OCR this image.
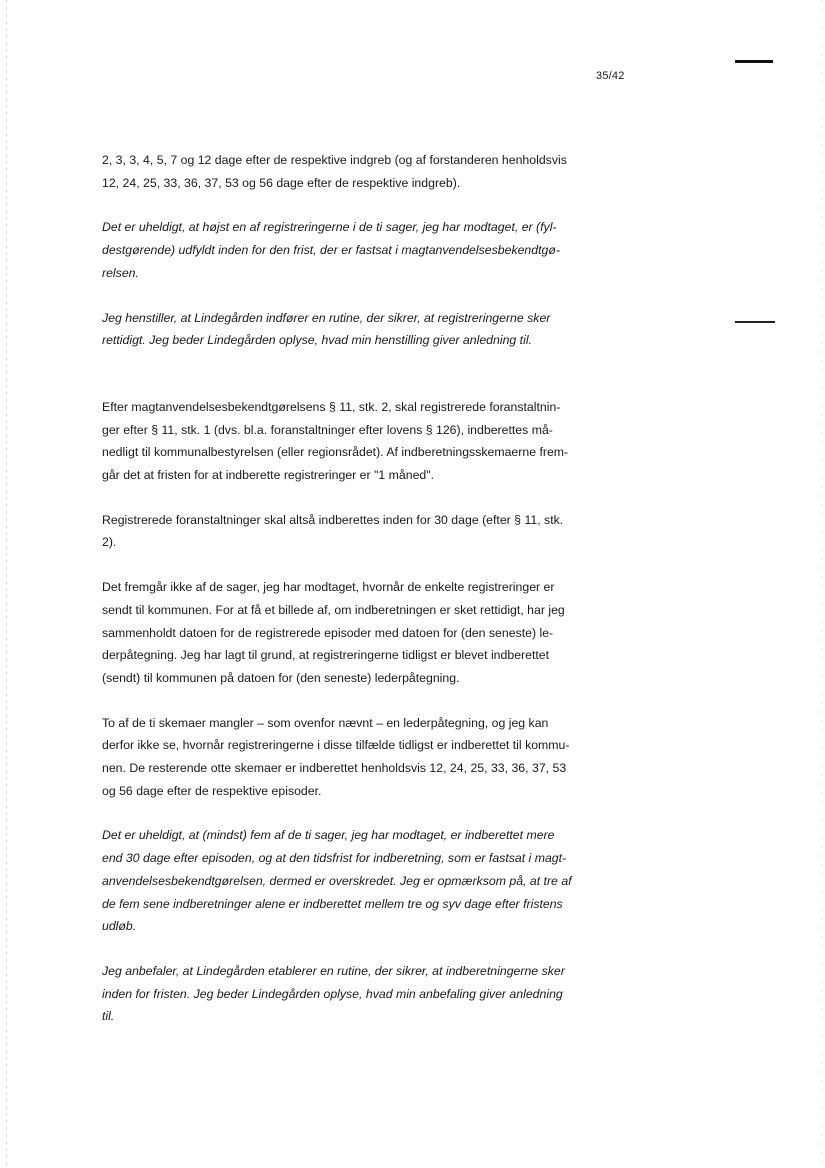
35/42

2, 3, 3, 4, 5, 7 og 12 dage efter de respektive indgreb (og af forstanderen henholdsvis
12, 24, 25, 33, 36, 37, 53 og 56 dage efter de respektive indgreb).

Det er uheldigt, at højst en af registreringerne i de ti sager, jeg har modtaget, er (fyl-
destgørende) udfyldt inden for den frist, der er fastsat i magtanvendelsesbekendtgø-
relsen.

Jeg henstiller, at Lindegården indfører en rutine, der sikrer, at registreringerne sker
rettidigt. Jeg beder Lindegården oplyse, hvad min henstilling giver anledning til.

Efter magtanvendelsesbekendtgørelsens § 11, stk. 2, skal registrerede foranstaltnin-
ger efter § 11, stk. 1 (dvs. bl.a. foranstaltninger efter lovens § 126), indberettes må-
nedligt til kommunalbestyrelsen (eller regionsrådet). Af indberetningsskemaerne frem-
går det at fristen for at indberette registreringer er "1 måned".

Registrerede foranstaltninger skal altså indberettes inden for 30 dage (efter § 11, stk.
2).

Det fremgår ikke af de sager, jeg har modtaget, hvornår de enkelte registreringer er
sendt til kommunen. For at få et billede af, om indberetningen er sket rettidigt, har jeg
sammenholdt datoen for de registrerede episoder med datoen for (den seneste) le-
derpåtegning. Jeg har lagt til grund, at registreringerne tidligst er blevet indberettet
(sendt) til kommunen på datoen for (den seneste) lederpåtegning.

To af de ti skemaer mangler – som ovenfor nævnt – en lederpåtegning, og jeg kan
derfor ikke se, hvornår registreringerne i disse tilfælde tidligst er indberettet til kommu-
nen. De resterende otte skemaer er indberettet henholdsvis 12, 24, 25, 33, 36, 37, 53
og 56 dage efter de respektive episoder.

Det er uheldigt, at (mindst) fem af de ti sager, jeg har modtaget, er indberettet mere
end 30 dage efter episoden, og at den tidsfrist for indberetning, som er fastsat i magt-
anvendelsesbekendtgørelsen, dermed er overskredet. Jeg er opmærksom på, at tre af
de fem sene indberetninger alene er indberettet mellem tre og syv dage efter fristens
udløb.

Jeg anbefaler, at Lindegården etablerer en rutine, der sikrer, at indberetningerne sker
inden for fristen. Jeg beder Lindegården oplyse, hvad min anbefaling giver anledning
til.
